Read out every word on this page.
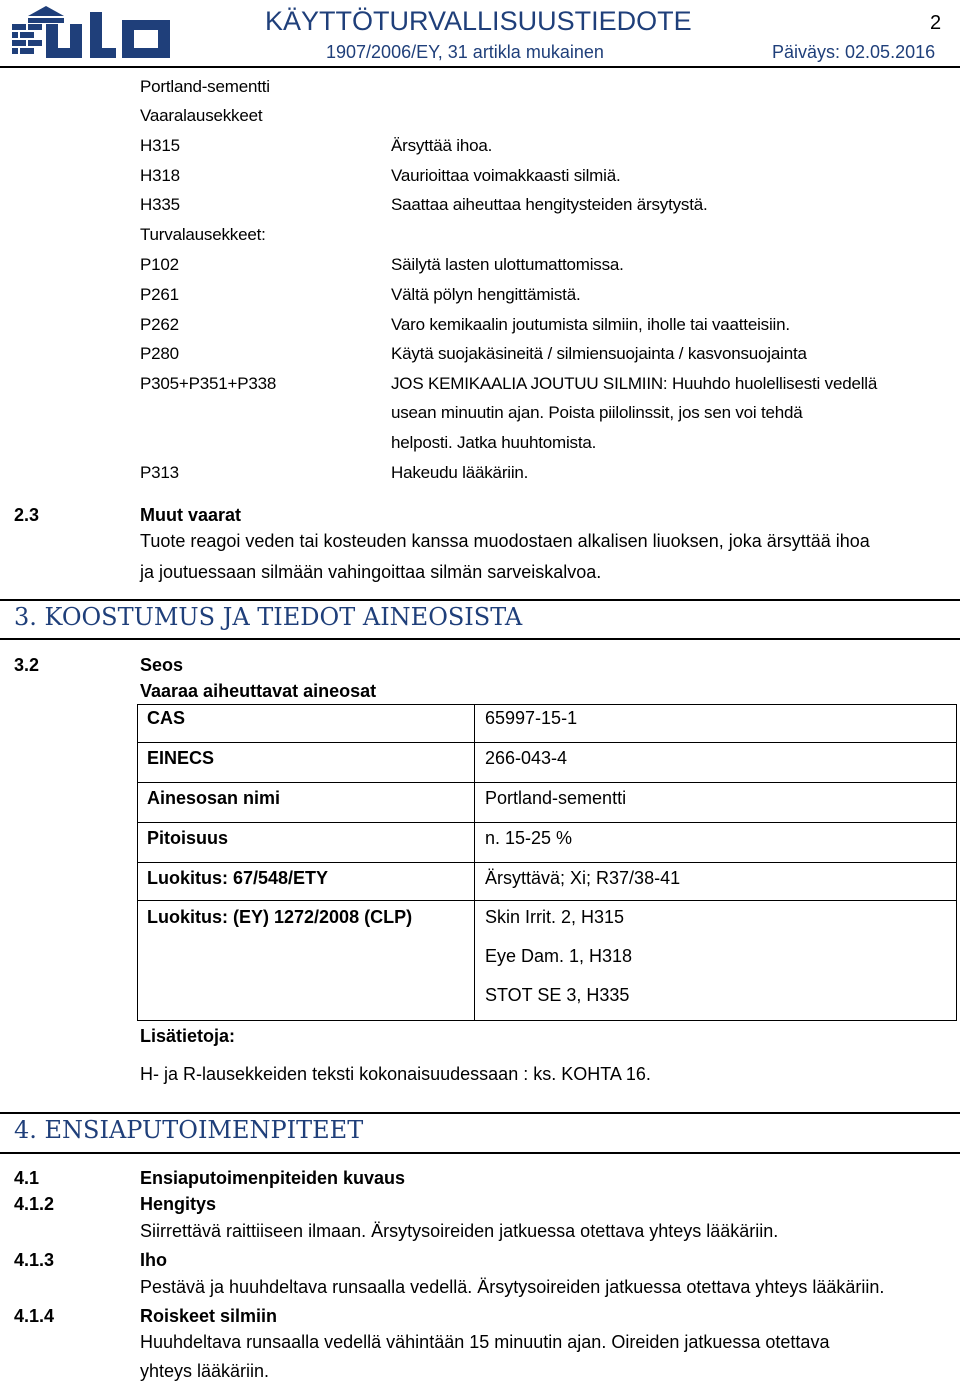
KÄYTTÖTURVALLISUUSTIEDOTE	2
1907/2006/EY, 31 artikla mukainen	Päiväys: 02.05.2016
Portland-sementti
Vaaralausekkeet
H315	Ärsyttää ihoa.
H318	Vaurioittaa voimakkaasti silmiä.
H335	Saattaa aiheuttaa hengitysteiden ärsytystä.
Turvalausekkeet:
P102	Säilytä lasten ulottumattomissa.
P261	Vältä pölyn hengittämistä.
P262	Varo kemikaalin joutumista silmiin, iholle tai vaatteisiin.
P280	Käytä suojakäsineitä / silmiensuojainta / kasvonsuojainta
P305+P351+P338	JOS KEMIKAALIA JOUTUU SILMIIN: Huuhdo huolellisesti vedellä
usean minuutin ajan. Poista piilolinssit, jos sen voi tehdä
helposti. Jatka huuhtomista.
P313	Hakeudu lääkäriin.
2.3	Muut vaarat
Tuote reagoi veden tai kosteuden kanssa muodostaen alkalisen liuoksen, joka ärsyttää ihoa
ja joutuessaan silmään vahingoittaa silmän sarveiskalvoa.
3. KOOSTUMUS JA TIEDOT AINEOSISTA
3.2	Seos
Vaaraa aiheuttavat aineosat
CAS	65997-15-1
EINECS	266-043-4
Ainesosan nimi	Portland-sementti
Pitoisuus	n. 15-25 %
Luokitus: 67/548/ETY	Ärsyttävä; Xi; R37/38-41
Luokitus: (EY) 1272/2008 (CLP)	Skin Irrit. 2, H315
Eye Dam. 1, H318
STOT SE 3, H335
Lisätietoja:
H- ja R-lausekkeiden teksti kokonaisuudessaan : ks. KOHTA 16.
4. ENSIAPUTOIMENPITEET
4.1	Ensiaputoimenpiteiden kuvaus
4.1.2	Hengitys
Siirrettävä raittiiseen ilmaan. Ärsytysoireiden jatkuessa otettava yhteys lääkäriin.
4.1.3	Iho
Pestävä ja huuhdeltava runsaalla vedellä. Ärsytysoireiden jatkuessa otettava yhteys lääkäriin.
4.1.4	Roiskeet silmiin
Huuhdeltava runsaalla vedellä vähintään 15 minuutin ajan. Oireiden jatkuessa otettava
yhteys lääkäriin.
